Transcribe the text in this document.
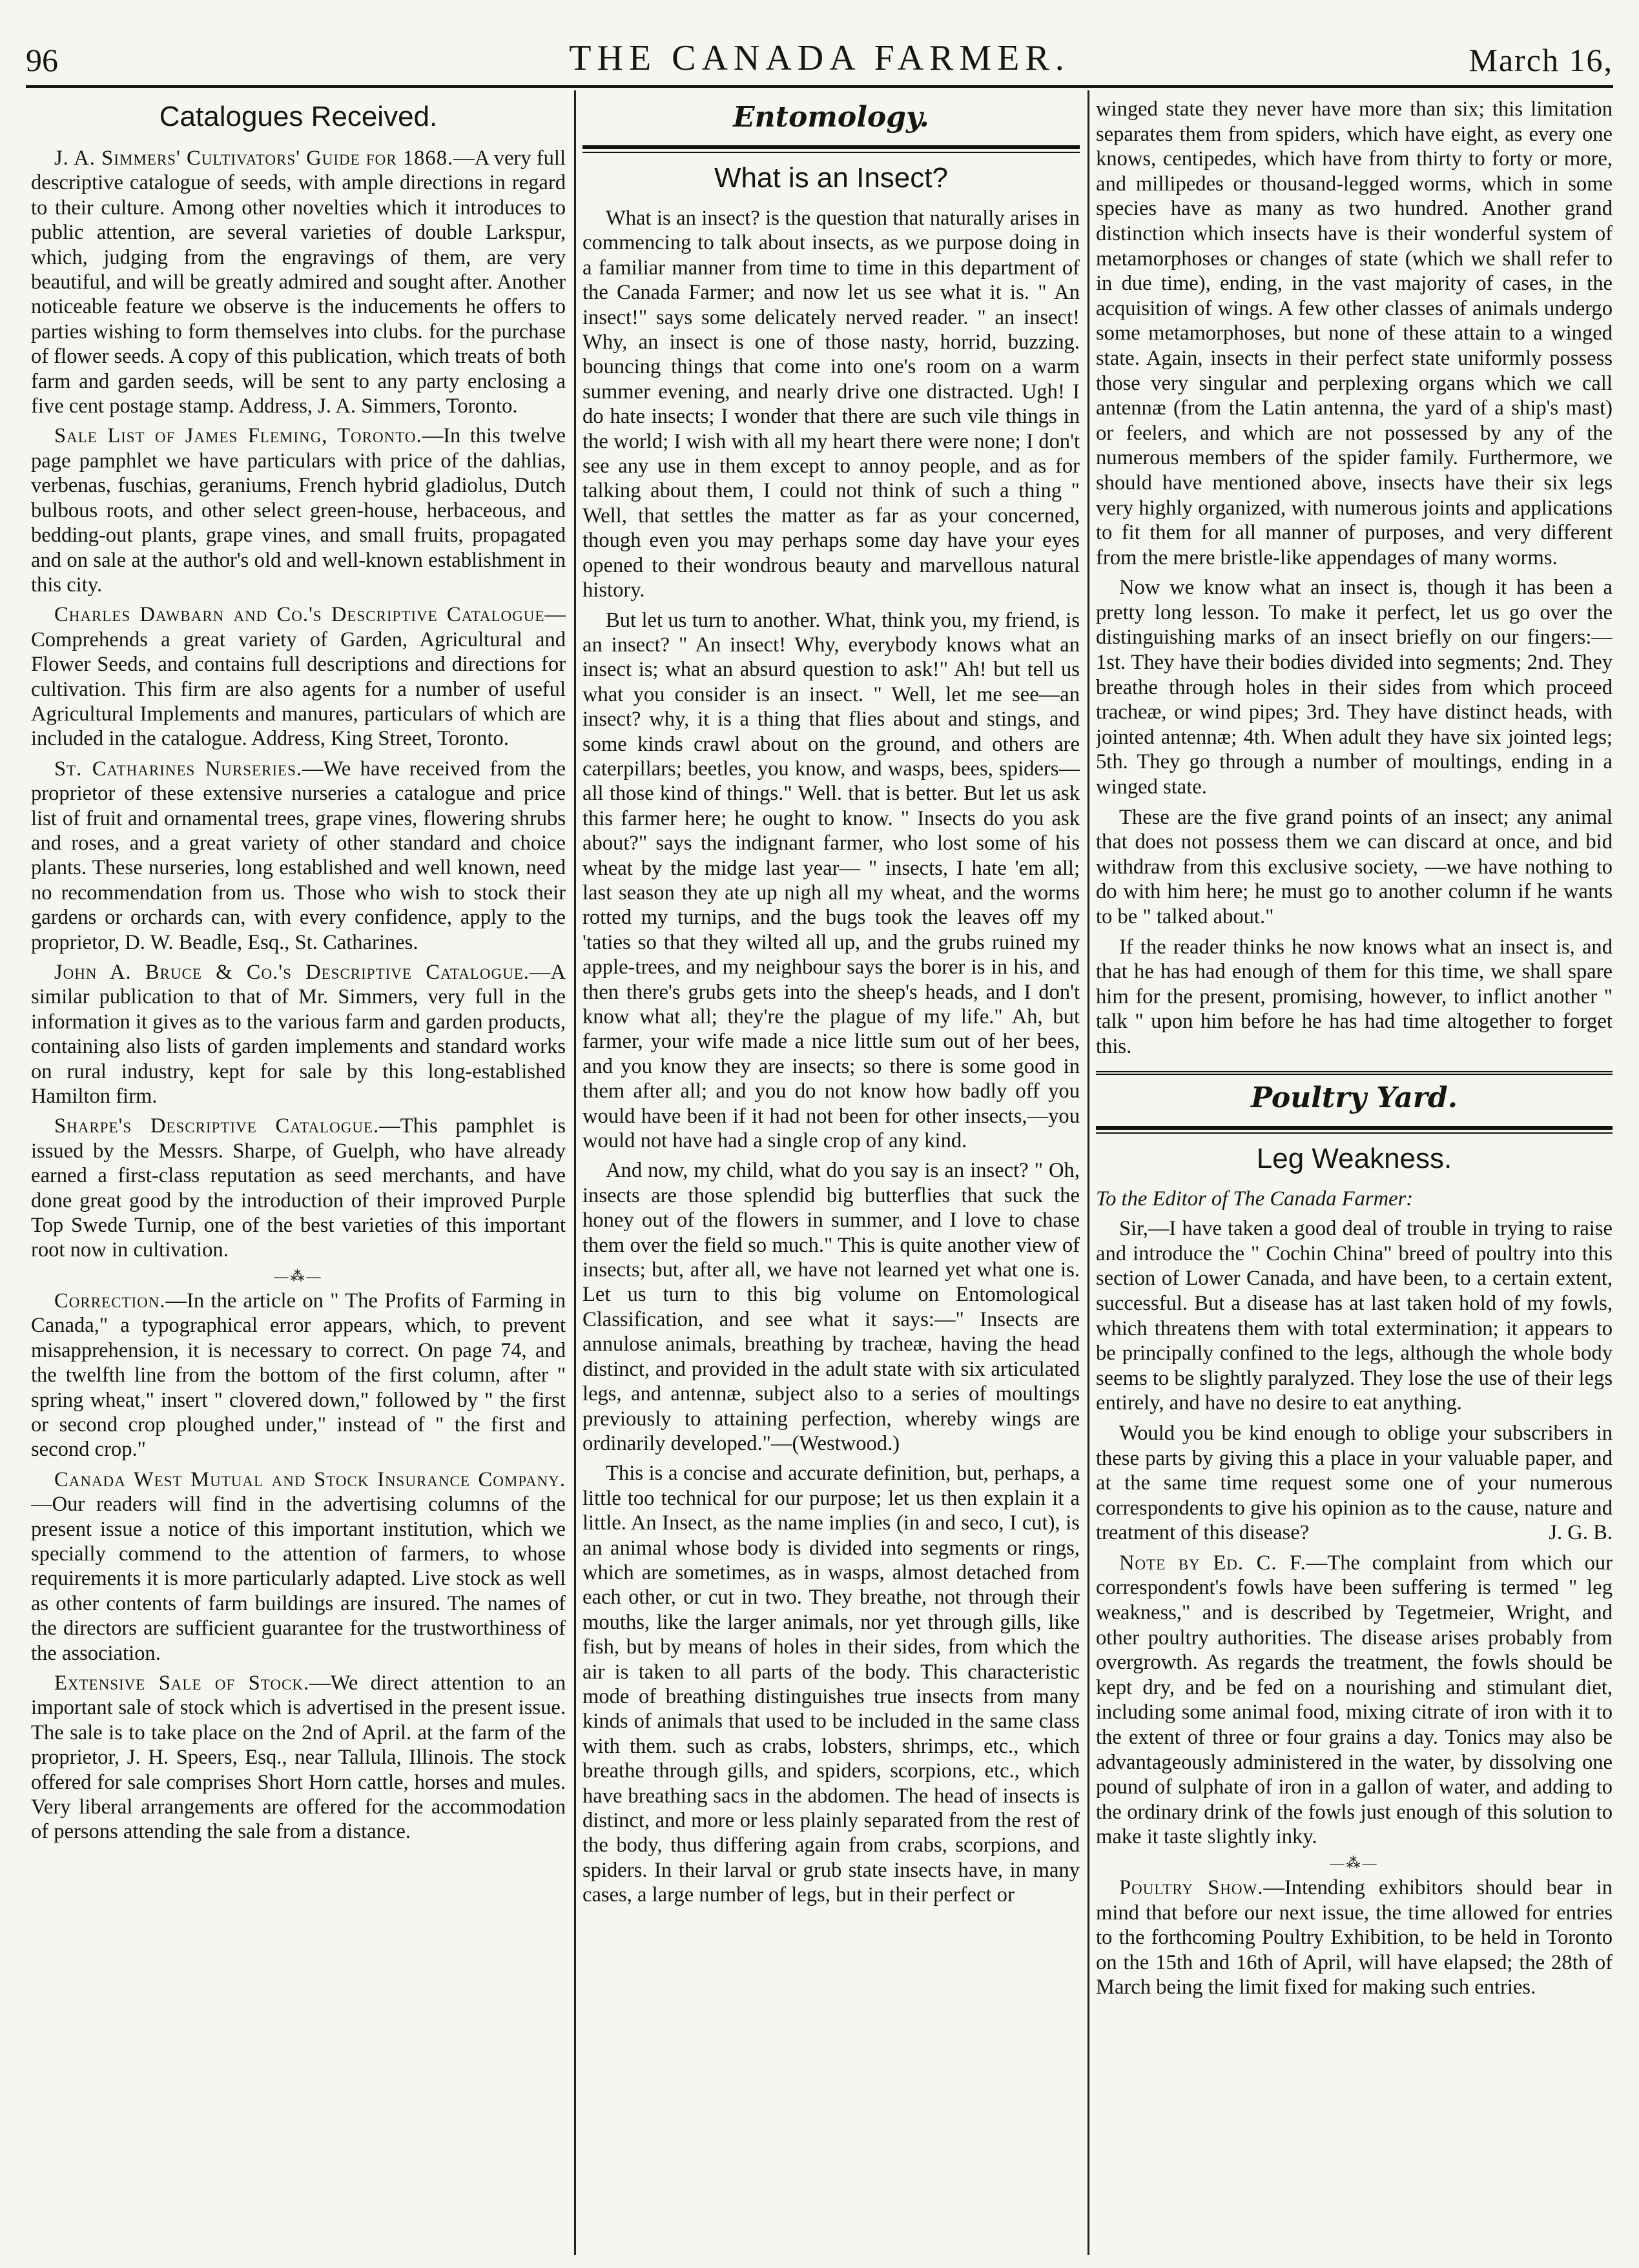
96	THE CANADA FARMER.	March 16,
Catalogues Received.

J. A. Simmers' Cultivators' Guide for 1868.—A very full descriptive catalogue of seeds, with ample directions in regard to their culture. Among other novelties which it introduces to public attention, are several varieties of double Larkspur, which, judging from the engravings of them, are very beautiful, and will be greatly admired and sought after. Another noticeable feature we observe is the inducements he offers to parties wishing to form themselves into clubs. for the purchase of flower seeds. A copy of this publication, which treats of both farm and garden seeds, will be sent to any party enclosing a five cent postage stamp. Address, J. A. Simmers, Toronto.

Sale List of James Fleming, Toronto.—In this twelve page pamphlet we have particulars with price of the dahlias, verbenas, fuschias, geraniums, French hybrid gladiolus, Dutch bulbous roots, and other select green-house, herbaceous, and bedding-out plants, grape vines, and small fruits, propagated and on sale at the author's old and well-known establishment in this city.

Charles Dawbarn and Co.'s Descriptive Catalogue—Comprehends a great variety of Garden, Agricultural and Flower Seeds, and contains full descriptions and directions for cultivation. This firm are also agents for a number of useful Agricultural Implements and manures, particulars of which are included in the catalogue. Address, King Street, Toronto.

St. Catharines Nurseries.—We have received from the proprietor of these extensive nurseries a catalogue and price list of fruit and ornamental trees, grape vines, flowering shrubs and roses, and a great variety of other standard and choice plants. These nurseries, long established and well known, need no recommendation from us. Those who wish to stock their gardens or orchards can, with every confidence, apply to the proprietor, D. W. Beadle, Esq., St. Catharines.

John A. Bruce & Co.'s Descriptive Catalogue.—A similar publication to that of Mr. Simmers, very full in the information it gives as to the various farm and garden products, containing also lists of garden implements and standard works on rural industry, kept for sale by this long-established Hamilton firm.

Sharpe's Descriptive Catalogue.—This pamphlet is issued by the Messrs. Sharpe, of Guelph, who have already earned a first-class reputation as seed merchants, and have done great good by the introduction of their improved Purple Top Swede Turnip, one of the best varieties of this important root now in cultivation.

—⁂—

Correction.—In the article on " The Profits of Farming in Canada," a typographical error appears, which, to prevent misapprehension, it is necessary to correct. On page 74, and the twelfth line from the bottom of the first column, after " spring wheat," insert " clovered down," followed by " the first or second crop ploughed under," instead of " the first and second crop."

Canada West Mutual and Stock Insurance Company.—Our readers will find in the advertising columns of the present issue a notice of this important institution, which we specially commend to the attention of farmers, to whose requirements it is more particularly adapted. Live stock as well as other contents of farm buildings are insured. The names of the directors are sufficient guarantee for the trustworthiness of the association.

Extensive Sale of Stock.—We direct attention to an important sale of stock which is advertised in the present issue. The sale is to take place on the 2nd of April. at the farm of the proprietor, J. H. Speers, Esq., near Tallula, Illinois. The stock offered for sale comprises Short Horn cattle, horses and mules. Very liberal arrangements are offered for the accommodation of persons attending the sale from a distance.

Entomology.
What is an Insect?

What is an insect? is the question that naturally arises in commencing to talk about insects, as we purpose doing in a familiar manner from time to time in this department of the Canada Farmer; and now let us see what it is. " An insect!" says some delicately nerved reader. " an insect! Why, an insect is one of those nasty, horrid, buzzing. bouncing things that come into one's room on a warm summer evening, and nearly drive one distracted. Ugh! I do hate insects; I wonder that there are such vile things in the world; I wish with all my heart there were none; I don't see any use in them except to annoy people, and as for talking about them, I could not think of such a thing " Well, that settles the matter as far as your concerned, though even you may perhaps some day have your eyes opened to their wondrous beauty and marvellous natural history.

But let us turn to another. What, think you, my friend, is an insect? " An insect! Why, everybody knows what an insect is; what an absurd question to ask!" Ah! but tell us what you consider is an insect. " Well, let me see—an insect? why, it is a thing that flies about and stings, and some kinds crawl about on the ground, and others are caterpillars; beetles, you know, and wasps, bees, spiders—all those kind of things." Well. that is better. But let us ask this farmer here; he ought to know. " Insects do you ask about?" says the indignant farmer, who lost some of his wheat by the midge last year— " insects, I hate 'em all; last season they ate up nigh all my wheat, and the worms rotted my turnips, and the bugs took the leaves off my 'taties so that they wilted all up, and the grubs ruined my apple-trees, and my neighbour says the borer is in his, and then there's grubs gets into the sheep's heads, and I don't know what all; they're the plague of my life." Ah, but farmer, your wife made a nice little sum out of her bees, and you know they are insects; so there is some good in them after all; and you do not know how badly off you would have been if it had not been for other insects,—you would not have had a single crop of any kind.

And now, my child, what do you say is an insect? " Oh, insects are those splendid big butterflies that suck the honey out of the flowers in summer, and I love to chase them over the field so much." This is quite another view of insects; but, after all, we have not learned yet what one is. Let us turn to this big volume on Entomological Classification, and see what it says:—" Insects are annulose animals, breathing by tracheæ, having the head distinct, and provided in the adult state with six articulated legs, and antennæ, subject also to a series of moultings previously to attaining perfection, whereby wings are ordinarily developed."—(Westwood.)

This is a concise and accurate definition, but, perhaps, a little too technical for our purpose; let us then explain it a little. An Insect, as the name implies (in and seco, I cut), is an animal whose body is divided into segments or rings, which are sometimes, as in wasps, almost detached from each other, or cut in two. They breathe, not through their mouths, like the larger animals, nor yet through gills, like fish, but by means of holes in their sides, from which the air is taken to all parts of the body. This characteristic mode of breathing distinguishes true insects from many kinds of animals that used to be included in the same class with them. such as crabs, lobsters, shrimps, etc., which breathe through gills, and spiders, scorpions, etc., which have breathing sacs in the abdomen. The head of insects is distinct, and more or less plainly separated from the rest of the body, thus differing again from crabs, scorpions, and spiders. In their larval or grub state insects have, in many cases, a large number of legs, but in their perfect or

winged state they never have more than six; this limitation separates them from spiders, which have eight, as every one knows, centipedes, which have from thirty to forty or more, and millipedes or thousand-legged worms, which in some species have as many as two hundred. Another grand distinction which insects have is their wonderful system of metamorphoses or changes of state (which we shall refer to in due time), ending, in the vast majority of cases, in the acquisition of wings. A few other classes of animals undergo some metamorphoses, but none of these attain to a winged state. Again, insects in their perfect state uniformly possess those very singular and perplexing organs which we call antennæ (from the Latin antenna, the yard of a ship's mast) or feelers, and which are not possessed by any of the numerous members of the spider family. Furthermore, we should have mentioned above, insects have their six legs very highly organized, with numerous joints and applications to fit them for all manner of purposes, and very different from the mere bristle-like appendages of many worms.

Now we know what an insect is, though it has been a pretty long lesson. To make it perfect, let us go over the distinguishing marks of an insect briefly on our fingers:—1st. They have their bodies divided into segments; 2nd. They breathe through holes in their sides from which proceed tracheæ, or wind pipes; 3rd. They have distinct heads, with jointed antennæ; 4th. When adult they have six jointed legs; 5th. They go through a number of moultings, ending in a winged state.

These are the five grand points of an insect; any animal that does not possess them we can discard at once, and bid withdraw from this exclusive society, —we have nothing to do with him here; he must go to another column if he wants to be " talked about."

If the reader thinks he now knows what an insect is, and that he has had enough of them for this time, we shall spare him for the present, promising, however, to inflict another " talk " upon him before he has had time altogether to forget this.

Poultry Yard.
Leg Weakness.

To the Editor of The Canada Farmer:

Sir,—I have taken a good deal of trouble in trying to raise and introduce the " Cochin China" breed of poultry into this section of Lower Canada, and have been, to a certain extent, successful. But a disease has at last taken hold of my fowls, which threatens them with total extermination; it appears to be principally confined to the legs, although the whole body seems to be slightly paralyzed. They lose the use of their legs entirely, and have no desire to eat anything.

Would you be kind enough to oblige your subscribers in these parts by giving this a place in your valuable paper, and at the same time request some one of your numerous correspondents to give his opinion as to the cause, nature and treatment of this disease?	J. G. B.

Note by Ed. C. F.—The complaint from which our correspondent's fowls have been suffering is termed " leg weakness," and is described by Tegetmeier, Wright, and other poultry authorities. The disease arises probably from overgrowth. As regards the treatment, the fowls should be kept dry, and be fed on a nourishing and stimulant diet, including some animal food, mixing citrate of iron with it to the extent of three or four grains a day. Tonics may also be advantageously administered in the water, by dissolving one pound of sulphate of iron in a gallon of water, and adding to the ordinary drink of the fowls just enough of this solution to make it taste slightly inky.

—⁂—

Poultry Show.—Intending exhibitors should bear in mind that before our next issue, the time allowed for entries to the forthcoming Poultry Exhibition, to be held in Toronto on the 15th and 16th of April, will have elapsed; the 28th of March being the limit fixed for making such entries.
